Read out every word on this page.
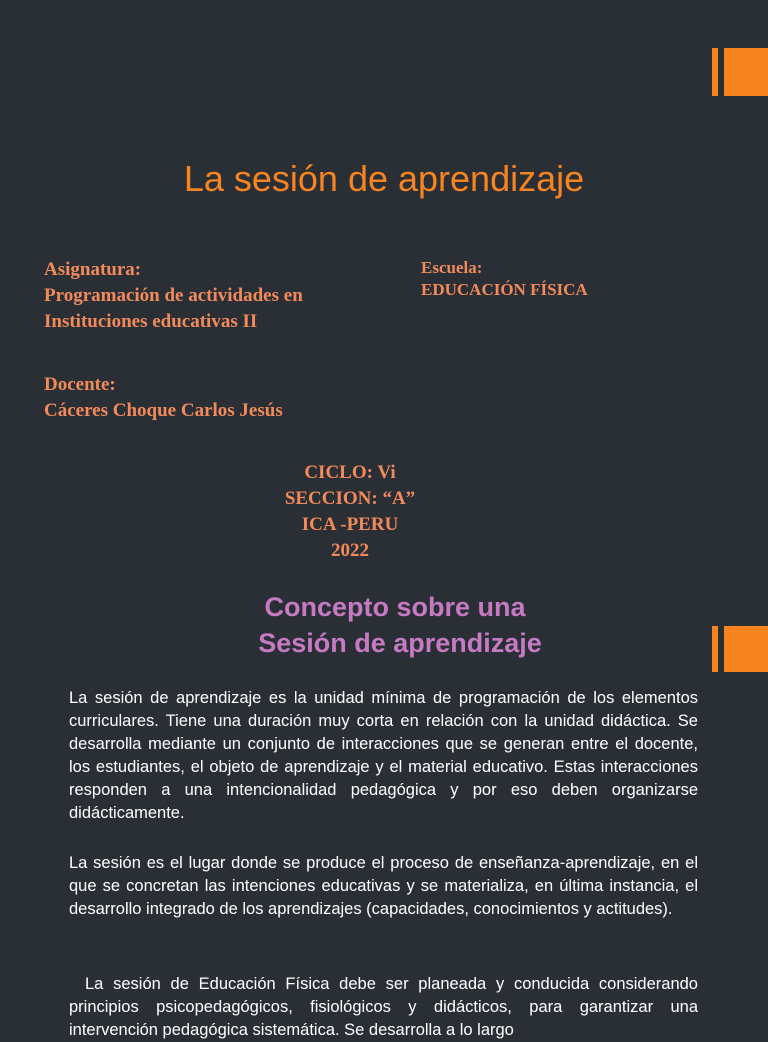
La sesión de aprendizaje
Asignatura:
Programación de actividades en
Instituciones educativas II
Escuela:
EDUCACIÓN FÍSICA
Docente:
Cáceres Choque Carlos Jesús
CICLO: Vi
SECCION: “A”
ICA -PERU
2022
Concepto sobre una
Sesión de aprendizaje
La sesión de aprendizaje es la unidad mínima de programación de los elementos curriculares. Tiene una duración muy corta en relación con la unidad didáctica. Se desarrolla mediante un conjunto de interacciones que se generan entre el docente, los estudiantes, el objeto de aprendizaje y el material educativo. Estas interacciones responden a una intencionalidad pedagógica y por eso deben organizarse didácticamente.
La sesión es el lugar donde se produce el proceso de enseñanza-aprendizaje, en el que se concretan las intenciones educativas y se materializa, en última instancia, el desarrollo integrado de los aprendizajes (capacidades, conocimientos y actitudes).
La sesión de Educación Física debe ser planeada y conducida considerando principios psicopedagógicos, fisiológicos y didácticos, para garantizar una intervención pedagógica sistemática. Se desarrolla a lo largo
